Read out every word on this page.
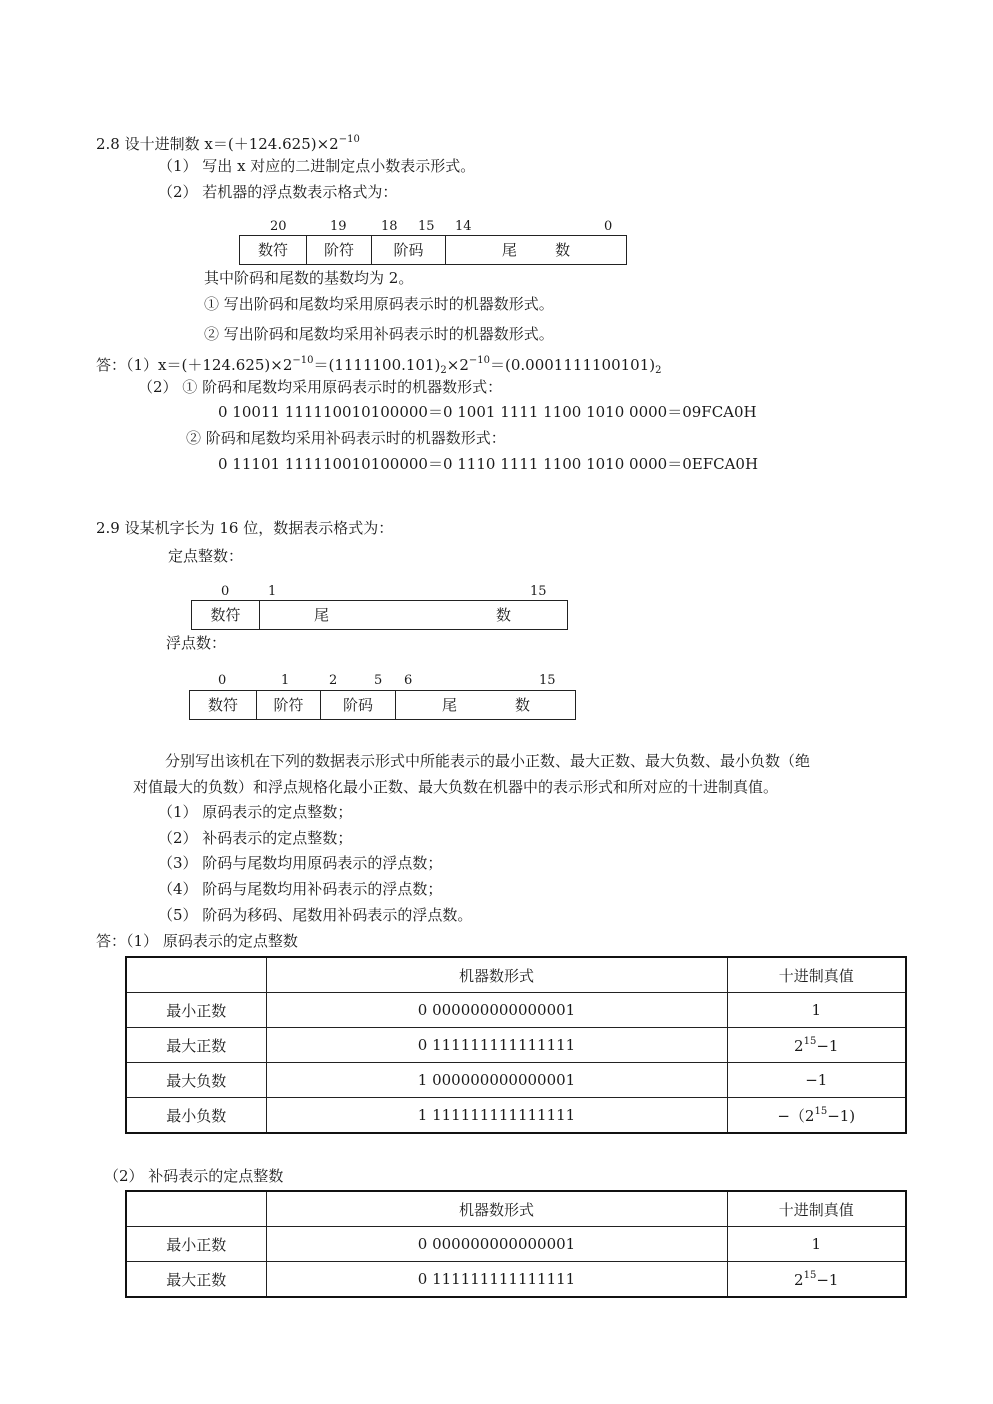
2.8 设十进制数 $x=(+124.625)\times 2^{-10}$
（1） 写出 x 对应的二进制定点小数表示形式。
（2） 若机器的浮点数表示格式为：
20	19	18 15 14	0
数符	阶符	阶码	尾        数
其中阶码和尾数的基数均为 2。
① 写出阶码和尾数均采用原码表示时的机器数形式。
② 写出阶码和尾数均采用补码表示时的机器数形式。
答：$(1)x=(+124.625)\times 2^{-10}=(1111100.101)_2\times 2^{-10}=(0.0001111100101)_2$
（2） ① 阶码和尾数均采用原码表示时的机器数形式：
0 10011 111110010100000＝0 1001 1111 1100 1010 0000＝09FCA0H
② 阶码和尾数均采用补码表示时的机器数形式：
0 11101 111110010100000＝0 1110 1111 1100 1010 0000＝0EFCA0H
2.9 设某机字长为 16 位，数据表示格式为：
定点整数：
0	1	15
数符	尾	数
浮点数：
0	1	2	5 6	15
数符	阶符	阶码	尾	数
分别写出该机在下列的数据表示形式中所能表示的最小正数、最大正数、最大负数、最小负数（绝
对值最大的负数）和浮点规格化最小正数、最大负数在机器中的表示形式和所对应的十进制真值。
（1） 原码表示的定点整数；
（2） 补码表示的定点整数；
（3） 阶码与尾数均用原码表示的浮点数；
（4） 阶码与尾数均用补码表示的浮点数；
（5） 阶码为移码、尾数用补码表示的浮点数。
答：（1） 原码表示的定点整数
	机器数形式	十进制真值
最小正数	0 000000000000001	1
最大正数	0 111111111111111	$2^{15}-1$
最大负数	1 000000000000001	−1
最小负数	1 111111111111111	$-(2^{15}-1)$
（2） 补码表示的定点整数
	机器数形式	十进制真值
最小正数	0 000000000000001	1
最大正数	0 111111111111111	$2^{15}-1$
